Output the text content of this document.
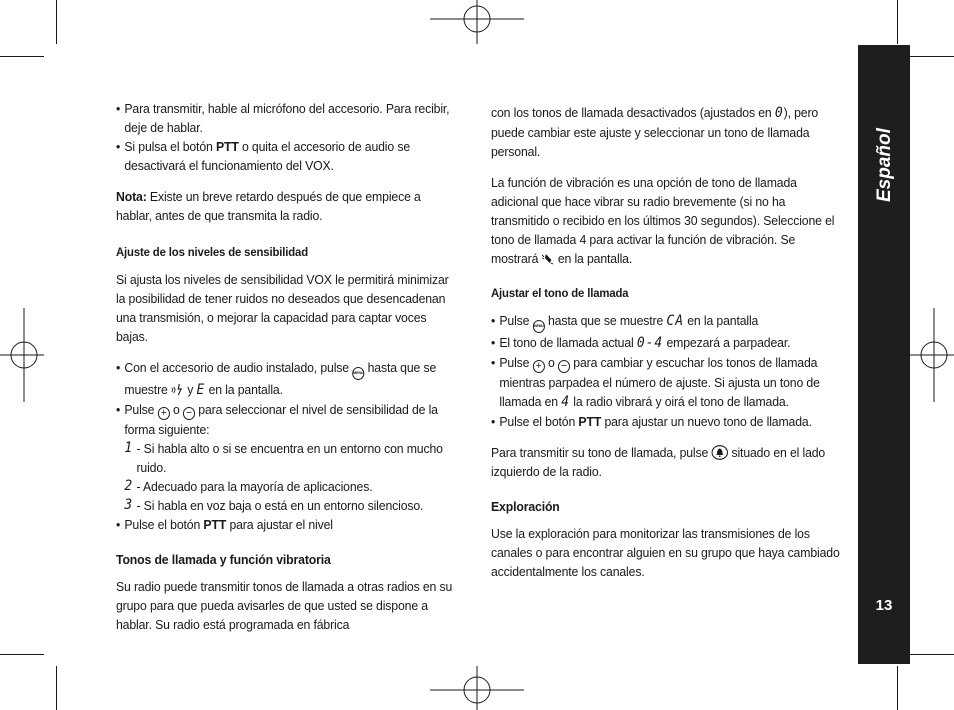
Español
13
• Para transmitir, hable al micrófono del accesorio. Para recibir, deje de hablar.
• Si pulsa el botón PTT o quita el accesorio de audio se desactivará el funcionamiento del VOX.

Nota: Existe un breve retardo después de que empiece a hablar, antes de que transmita la radio.

Ajuste de los niveles de sensibilidad

Si ajusta los niveles de sensibilidad VOX le permitirá minimizar la posibilidad de tener ruidos no deseados que desencadenan una transmisión, o mejorar la capacidad para captar voces bajas.

• Con el accesorio de audio instalado, pulse MENU hasta que se muestre  y E en la pantalla.
• Pulse + o − para seleccionar el nivel de sensibilidad de la forma siguiente:
1 - Si habla alto o si se encuentra en un entorno con mucho ruido.
2 - Adecuado para la mayoría de aplicaciones.
3 - Si habla en voz baja o está en un entorno silencioso.
• Pulse el botón PTT para ajustar el nivel

Tonos de llamada y función vibratoria

Su radio puede transmitir tonos de llamada a otras radios en su grupo para que pueda avisarles de que usted se dispone a hablar. Su radio está programada en fábrica

con los tonos de llamada desactivados (ajustados en 0), pero puede cambiar este ajuste y seleccionar un tono de llamada personal.

La función de vibración es una opción de tono de llamada adicional que hace vibrar su radio brevemente (si no ha transmitido o recibido en los últimos 30 segundos). Seleccione el tono de llamada 4 para activar la función de vibración. Se mostrará  en la pantalla.

Ajustar el tono de llamada

• Pulse MENU hasta que se muestre CA en la pantalla
• El tono de llamada actual 0-4 empezará a parpadear.
• Pulse + o − para cambiar y escuchar los tonos de llamada mientras parpadea el número de ajuste. Si ajusta un tono de llamada en 4 la radio vibrará y oirá el tono de llamada.
• Pulse el botón PTT para ajustar un nuevo tono de llamada.

Para transmitir su tono de llamada, pulse  situado en el lado izquierdo de la radio.

Exploración

Use la exploración para monitorizar las transmisiones de los canales o para encontrar alguien en su grupo que haya cambiado accidentalmente los canales.
